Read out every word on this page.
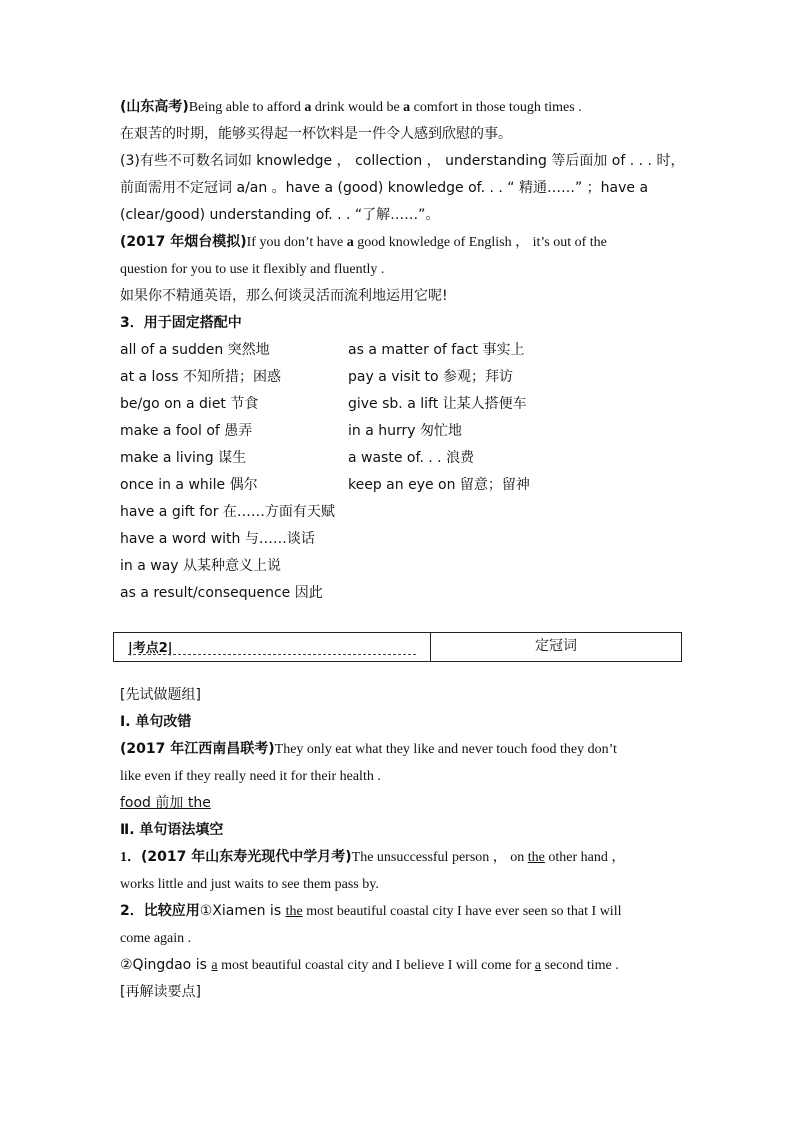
(山东高考)Being able to afford a drink would be a comfort in those tough times .
在艰苦的时期，能够买得起一杯饮料是一件令人感到欣慰的事。
(3)有些不可数名词如 knowledge ， collection ， understanding 等后面加 of . . . 时，
前面需用不定冠词 a/an 。have a (good) knowledge of. . . “ 精通……” ；have a
(clear/good) understanding of. . . “了解……”。
(2017 年烟台模拟)If you don’t have a good knowledge of English ， it’s out of the
question for you to use it flexibly and fluently .
如果你不精通英语，那么何谈灵活而流利地运用它呢!
3．用于固定搭配中
all of a sudden 突然地	as a matter of fact 事实上
at a loss 不知所措；困惑	pay a visit to 参观；拜访
be/go on a diet 节食	give sb. a lift 让某人搭便车
make a fool of 愚弄	in a hurry 匆忙地
make a living 谋生	a waste of. . . 浪费
once in a while 偶尔	keep an eye on 留意；留神
have a gift for 在……方面有天赋
have a word with 与……谈话
in a way 从某种意义上说
as a result/consequence 因此
|考点2|	定冠词
[先试做题组]
Ⅰ. 单句改错
(2017 年江西南昌联考)They only eat what they like and never touch food they don’t
like even if they really need it for their health .
food 前加 the
Ⅱ. 单句语法填空
1．(2017 年山东寿光现代中学月考)The unsuccessful person ， on the other hand ，
works little and just waits to see them pass by.
2．比较应用①Xiamen is the most beautiful coastal city I have ever seen so that I will
come again .
②Qingdao is a most beautiful coastal city and I believe I will come for a second time .
[再解读要点]
